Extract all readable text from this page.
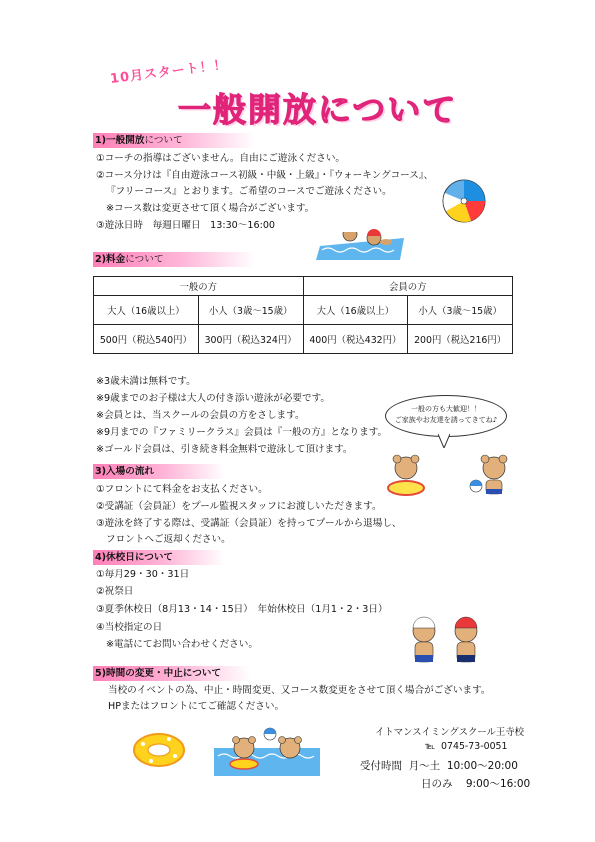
10月スタート！！
一般開放について
1)一般開放について
①コーチの指導はございません。自由にご遊泳ください。
②コース分けは『自由遊泳コース初級・中級・上級』・『ウォーキングコース』、
『フリーコース』とおります。ご希望のコースでご遊泳ください。
※コース数は変更させて頂く場合がございます。
③遊泳日時　毎週日曜日　13:30～16:00
2)料金について
一般の方		会員の方	
大人（16歳以上）	小人（3歳～15歳）	大人（16歳以上）	小人（3歳～15歳）
500円（税込540円）	300円（税込324円）	400円（税込432円）	200円（税込216円）
※3歳未満は無料です。
※9歳までのお子様は大人の付き添い遊泳が必要です。
※会員とは、当スクールの会員の方をさします。
※9月までの『ファミリークラス』会員は『一般の方』となります。
※ゴールド会員は、引き続き料金無料で遊泳して頂けます。
一般の方も大歓迎！！
ご家族やお友達を誘ってきてね♪
3)入場の流れ
①フロントにて料金をお支払ください。
②受講証（会員証）をプール監視スタッフにお渡しいただきます。
③遊泳を終了する際は、受講証（会員証）を持ってプールから退場し、
フロントへご返却ください。
4)休校日について
①毎月29・30・31日
②祝祭日
③夏季休校日（8月13・14・15日）　年始休校日（1月1・2・3日）
④当校指定の日
※電話にてお問い合わせください。
5)時間の変更・中止について
当校のイベントの為、中止・時間変更、又コース数変更をさせて頂く場合がございます。
HPまたはフロントにてご確認ください。
イトマンスイミングスクール王寺校
℡ 0745-73-0051
受付時間 月～土 10:00～20:00
日のみ 9:00～16:00
